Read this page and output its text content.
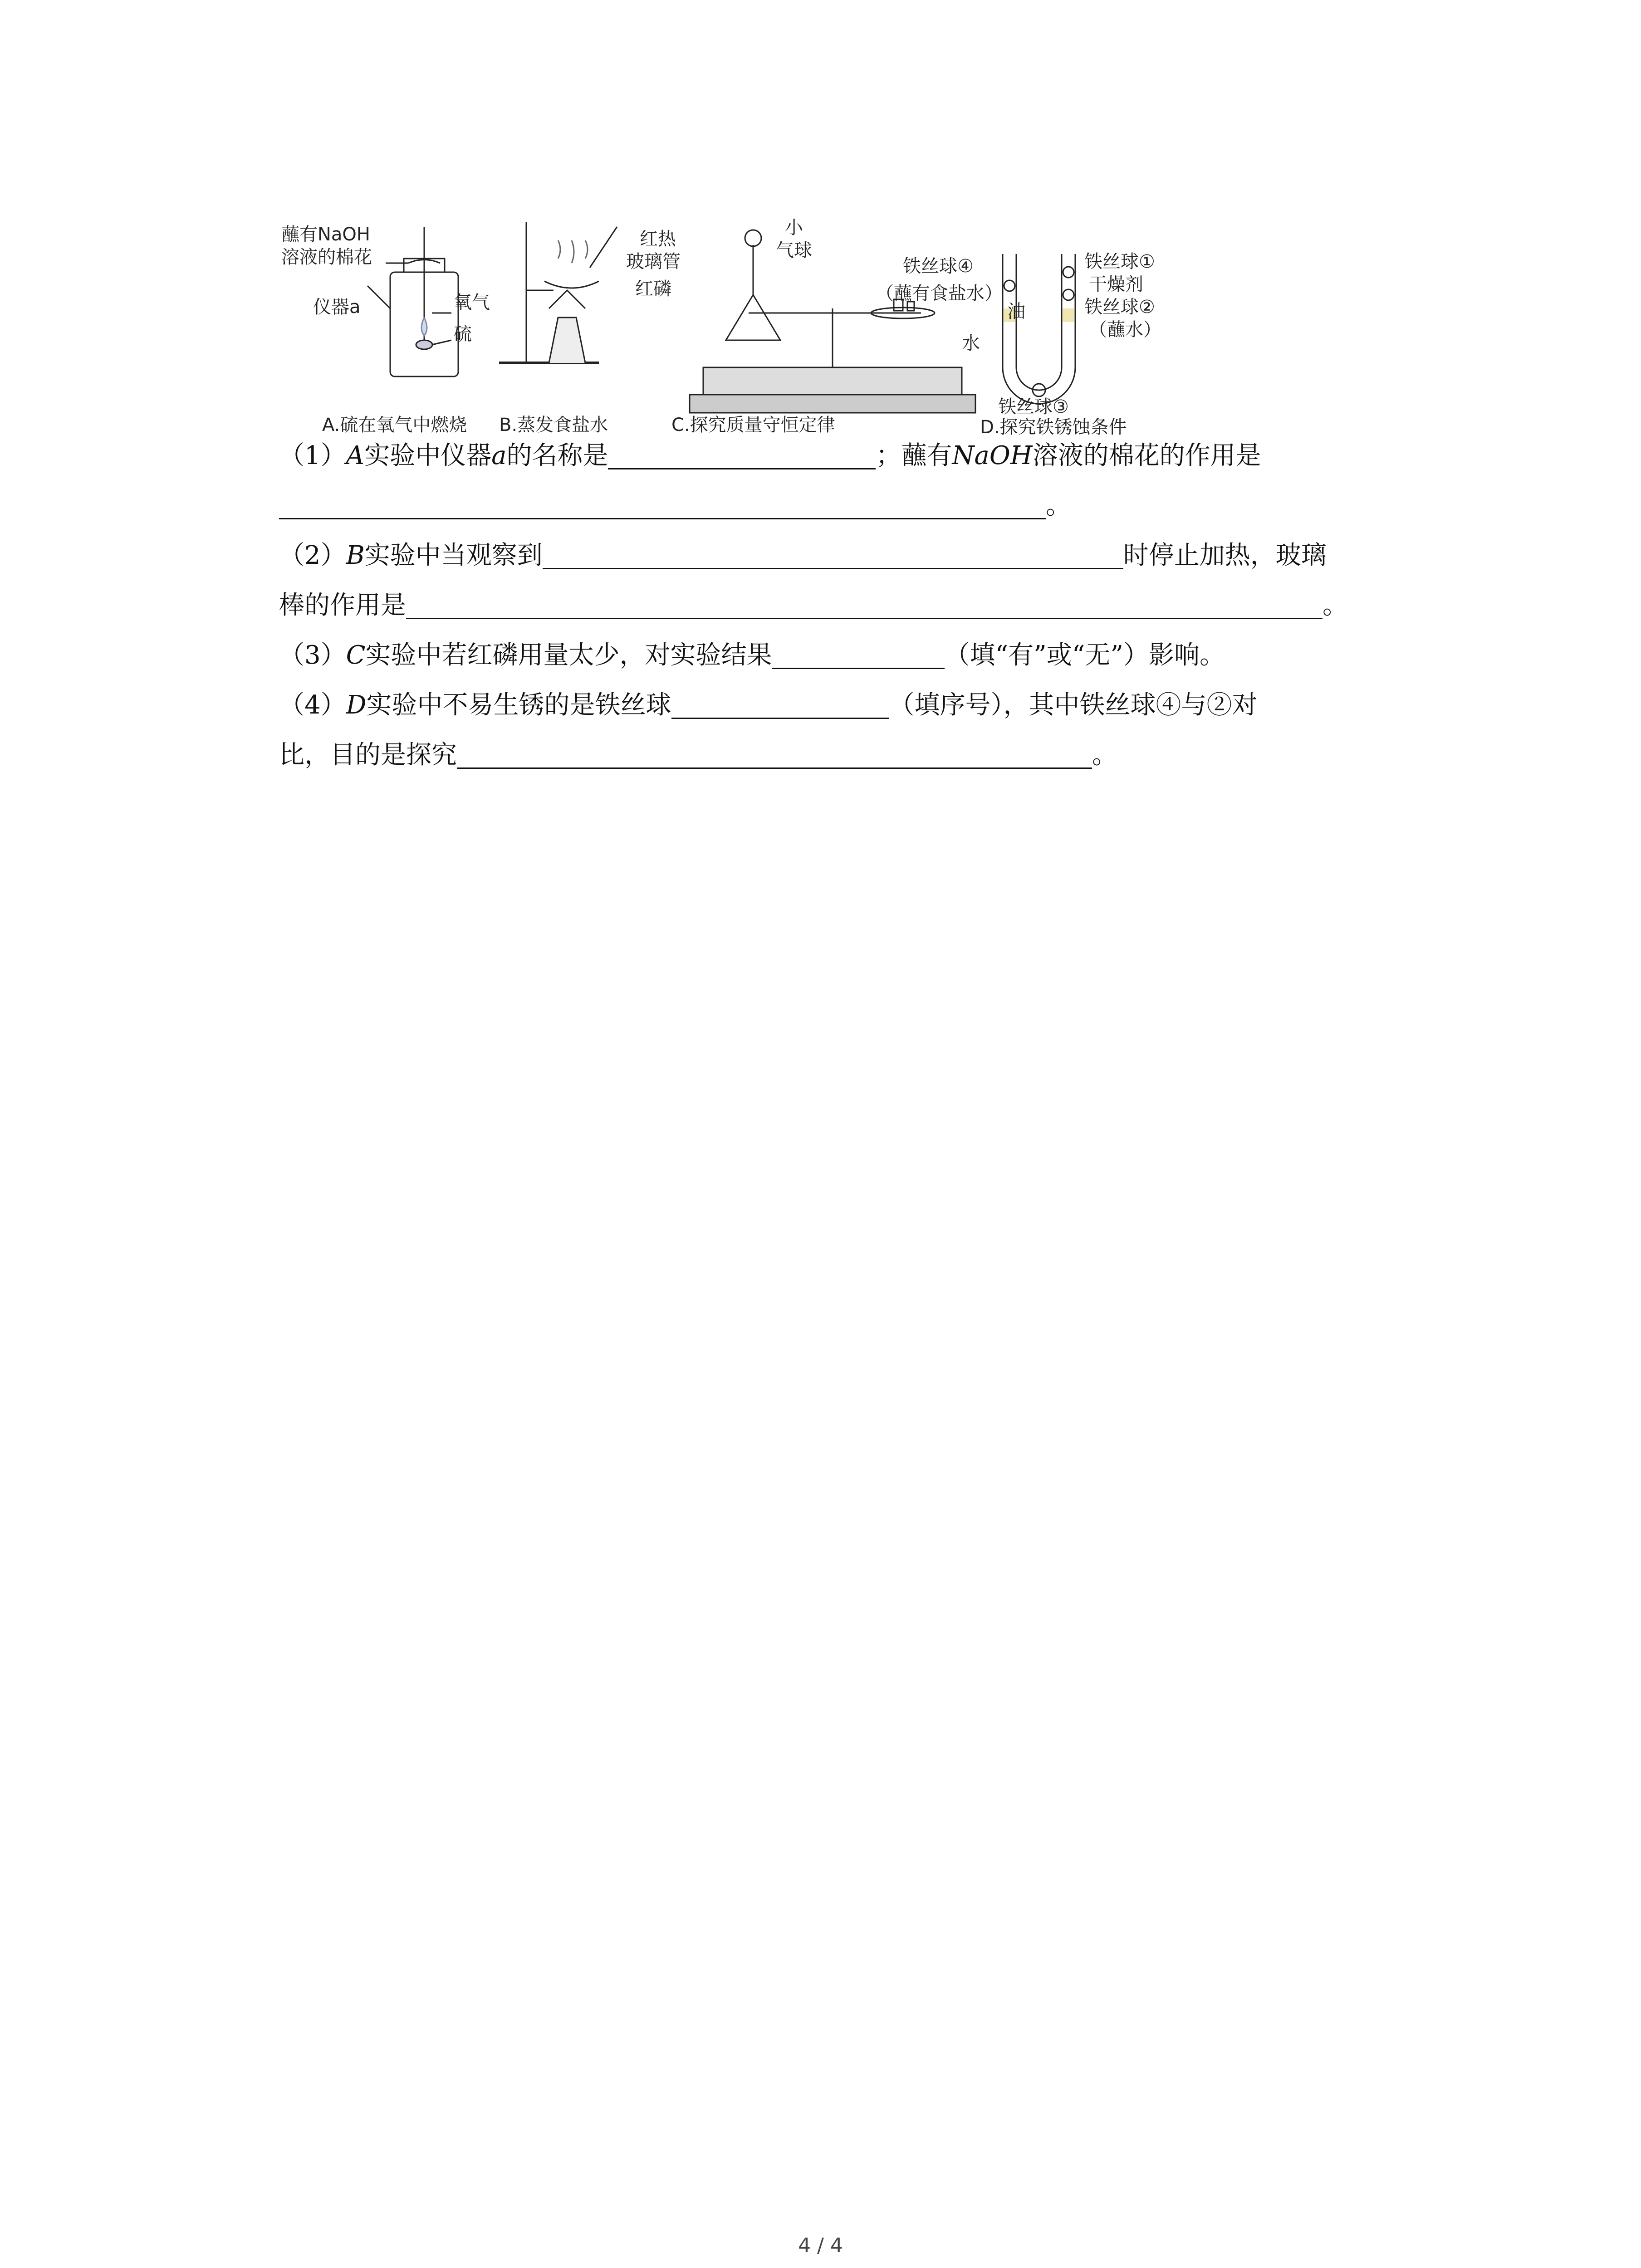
蘸有NaOH
溶液的棉花
仪器a	氧气
硫
A.硫在氧气中燃烧 B.蒸发食盐水
红热
玻璃管
红磷
小
气球
C.探究质量守恒定律
铁丝球④
（蘸有食盐水）
水
铁丝球①
干燥剂
铁丝球②
（蘸水）
油
铁丝球③
D.探究铁锈蚀条件
（1）A实验中仪器a的名称是	；蘸有NaOH溶液的棉花的作用是
。
（2）B实验中当观察到	时停止加热，玻璃
棒的作用是	。
（3）C实验中若红磷用量太少，对实验结果	（填“有”或“无”）影响。
（4）D实验中不易生锈的是铁丝球	（填序号），其中铁丝球④与②对
比，目的是探究	。
4 / 4
